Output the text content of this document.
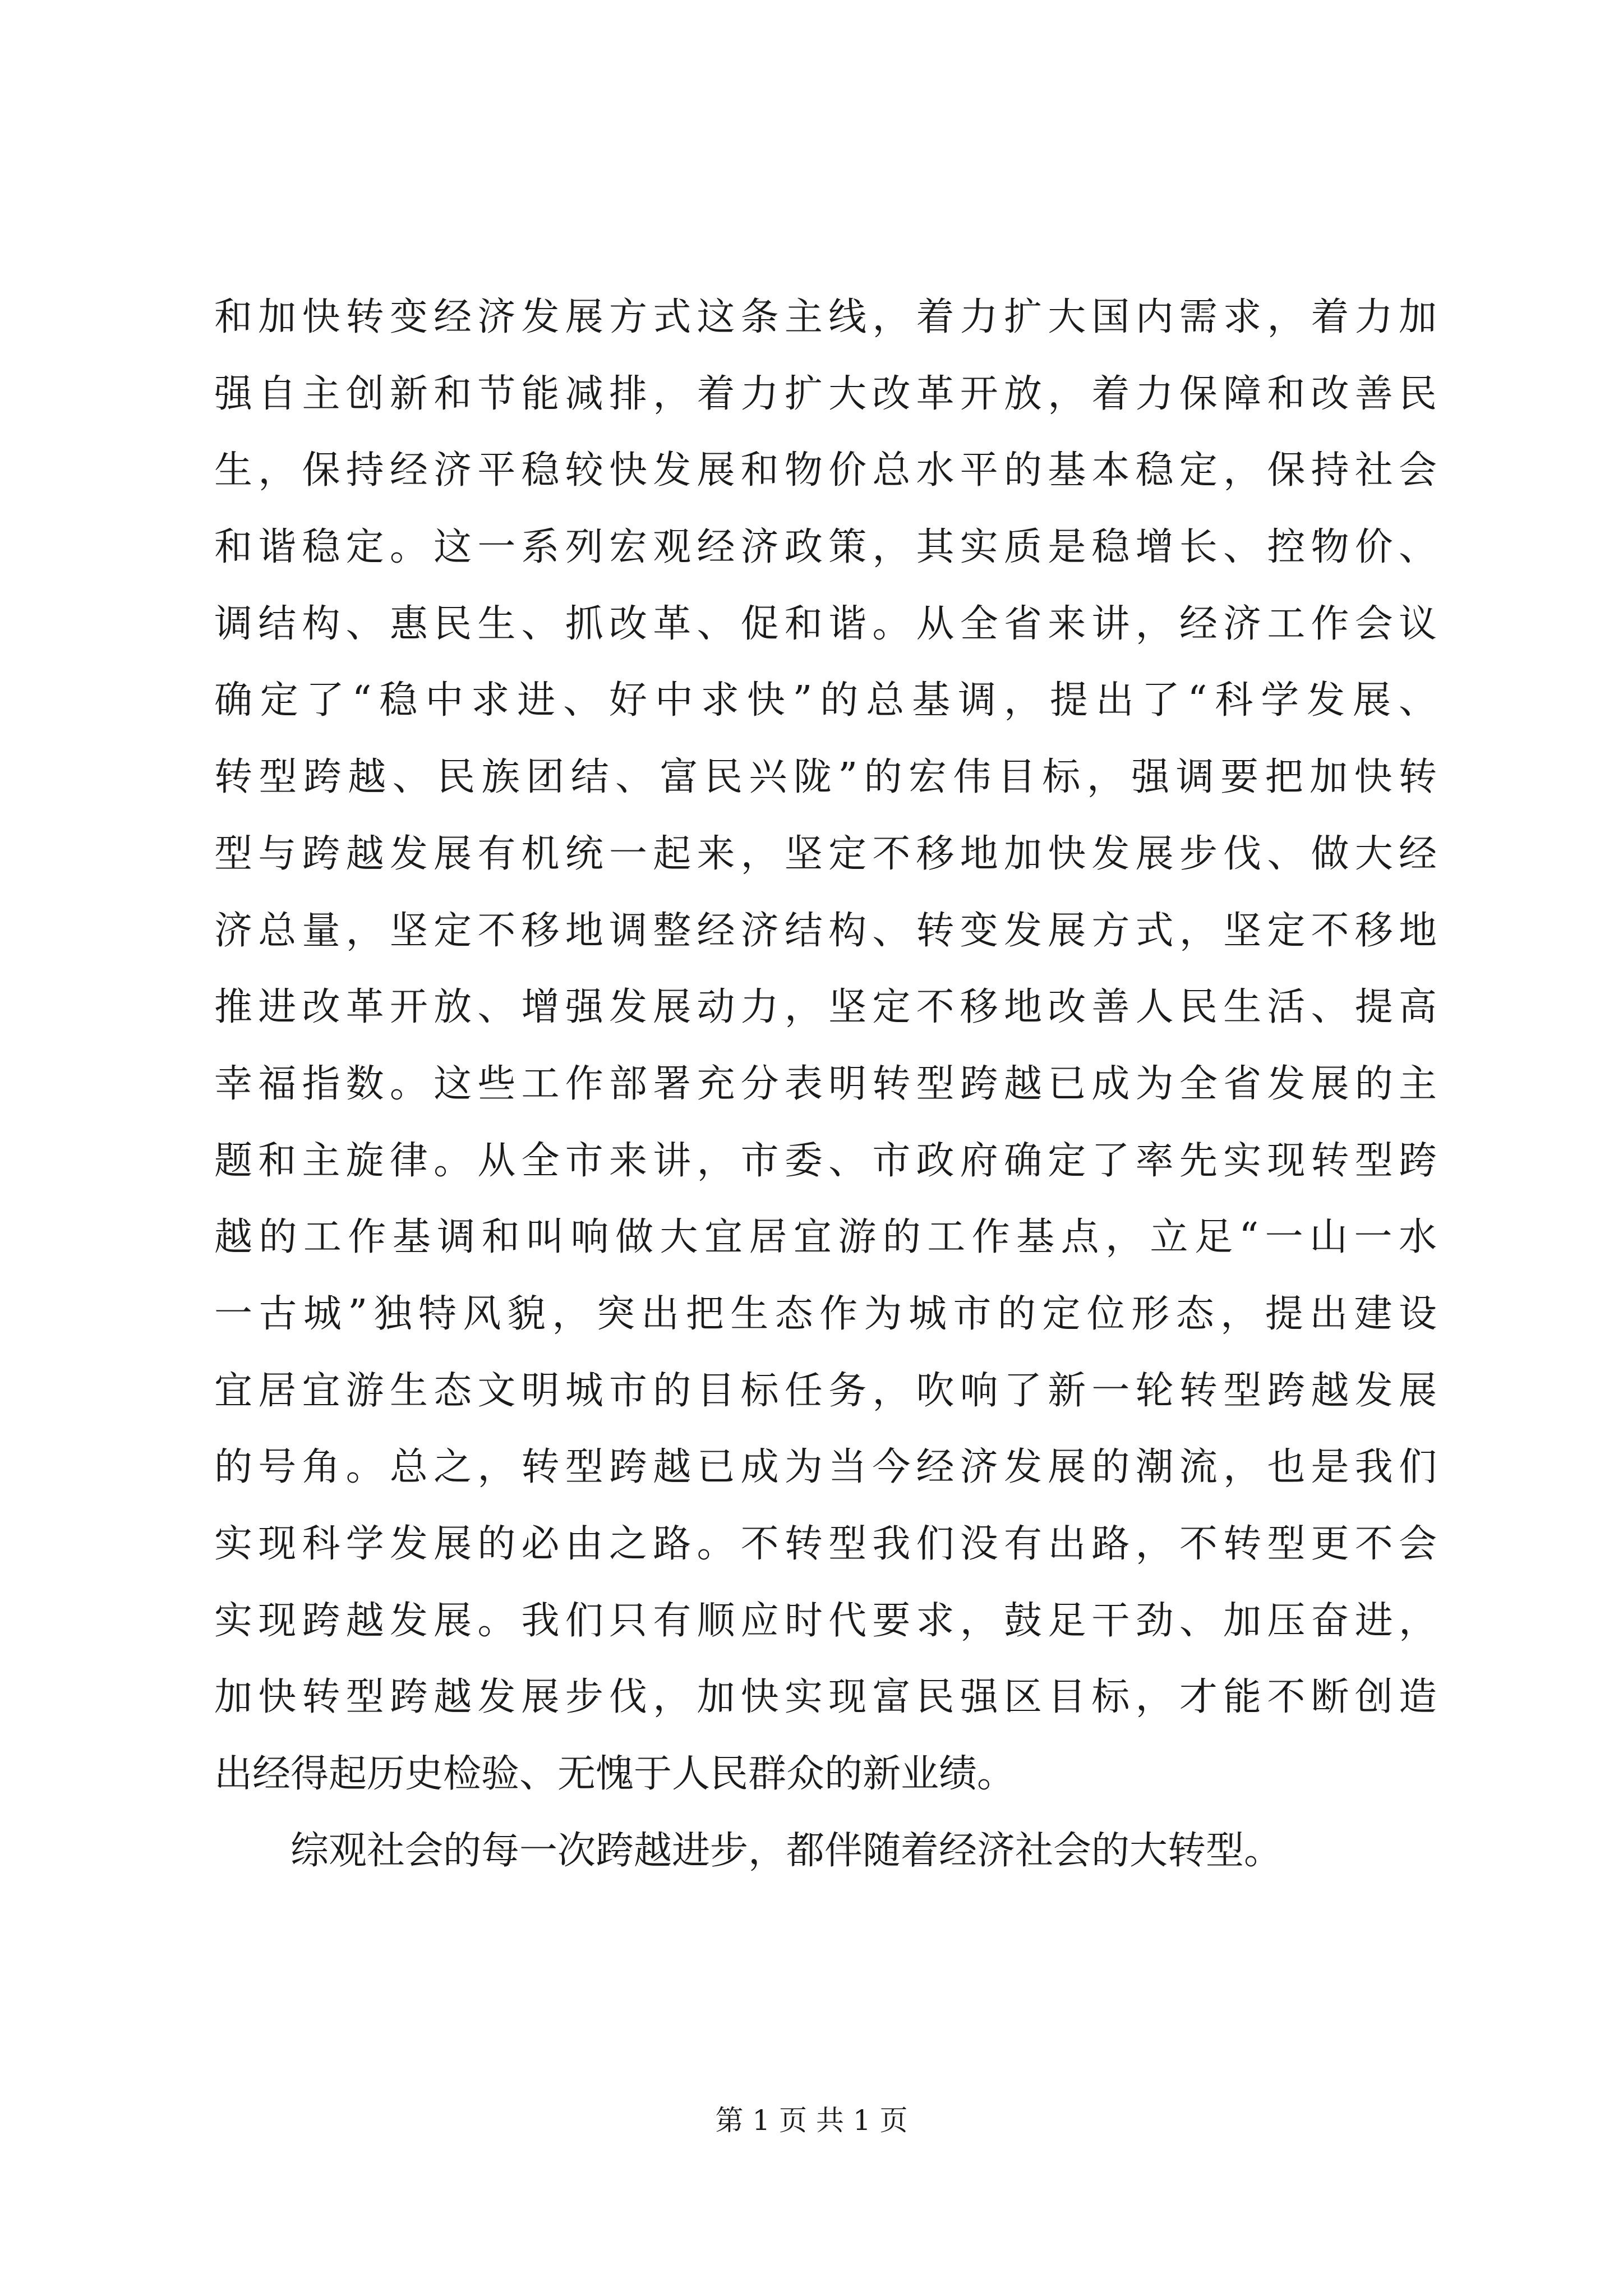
和加快转变经济发展方式这条主线，着力扩大国内需求，着力加
强自主创新和节能减排，着力扩大改革开放，着力保障和改善民
生，保持经济平稳较快发展和物价总水平的基本稳定，保持社会
和谐稳定。这一系列宏观经济政策，其实质是稳增长、控物价、
调结构、惠民生、抓改革、促和谐。从全省来讲，经济工作会议
确定了“稳中求进、好中求快”的总基调，提出了“科学发展、
转型跨越、民族团结、富民兴陇”的宏伟目标，强调要把加快转
型与跨越发展有机统一起来，坚定不移地加快发展步伐、做大经
济总量，坚定不移地调整经济结构、转变发展方式，坚定不移地
推进改革开放、增强发展动力，坚定不移地改善人民生活、提高
幸福指数。这些工作部署充分表明转型跨越已成为全省发展的主
题和主旋律。从全市来讲，市委、市政府确定了率先实现转型跨
越的工作基调和叫响做大宜居宜游的工作基点，立足“一山一水
一古城”独特风貌，突出把生态作为城市的定位形态，提出建设
宜居宜游生态文明城市的目标任务，吹响了新一轮转型跨越发展
的号角。总之，转型跨越已成为当今经济发展的潮流，也是我们
实现科学发展的必由之路。不转型我们没有出路，不转型更不会
实现跨越发展。我们只有顺应时代要求，鼓足干劲、加压奋进，
加快转型跨越发展步伐，加快实现富民强区目标，才能不断创造
出经得起历史检验、无愧于人民群众的新业绩。
综观社会的每一次跨越进步，都伴随着经济社会的大转型。
第 1 页 共 1 页
